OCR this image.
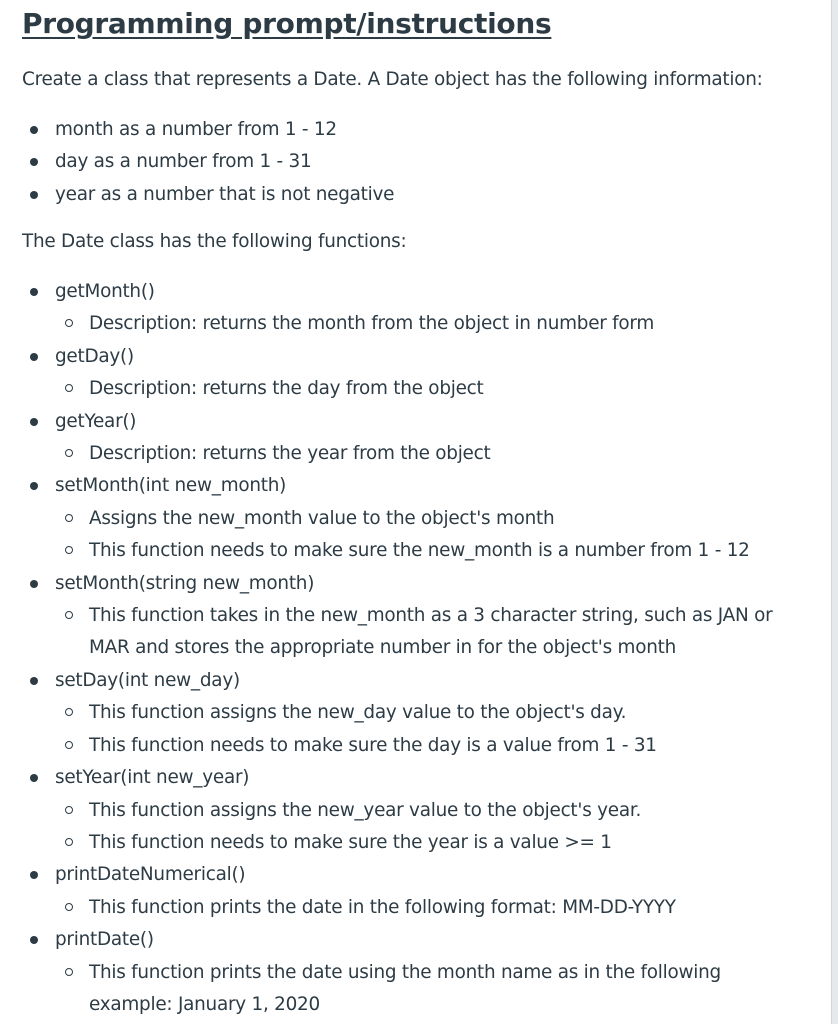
Programming prompt/instructions

Create a class that represents a Date. A Date object has the following information:

month as a number from 1 - 12
day as a number from 1 - 31
year as a number that is not negative

The Date class has the following functions:

getMonth()
Description: returns the month from the object in number form
getDay()
Description: returns the day from the object
getYear()
Description: returns the year from the object
setMonth(int new_month)
Assigns the new_month value to the object's month
This function needs to make sure the new_month is a number from 1 - 12
setMonth(string new_month)
This function takes in the new_month as a 3 character string, such as JAN or MAR and stores the appropriate number in for the object's month
setDay(int new_day)
This function assigns the new_day value to the object's day.
This function needs to make sure the day is a value from 1 - 31
setYear(int new_year)
This function assigns the new_year value to the object's year.
This function needs to make sure the year is a value >= 1
printDateNumerical()
This function prints the date in the following format: MM-DD-YYYY
printDate()
This function prints the date using the month name as in the following example: January 1, 2020
